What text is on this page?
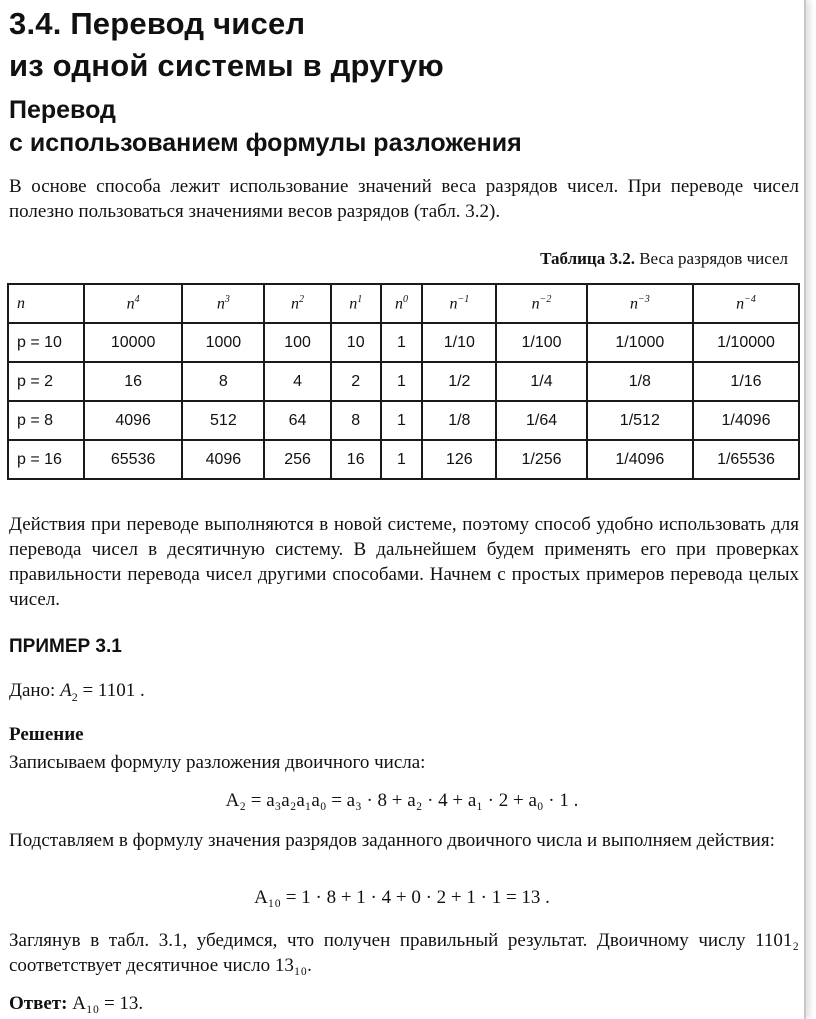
3.4. Перевод чисел
из одной системы в другую
Перевод
с использованием формулы разложения

В основе способа лежит использование значений веса разрядов чисел. При переводе чисел полезно пользоваться значениями весов разрядов (табл. 3.2).

Таблица 3.2. Веса разрядов чисел
n	$n^4$	$n^3$	$n^2$	$n^1$	$n^0$	$n^{-1}$	$n^{-2}$	$n^{-3}$	$n^{-4}$
p = 10	10000	1000	100	10	1	1/10	1/100	1/1000	1/10000
p = 2	16	8	4	2	1	1/2	1/4	1/8	1/16
p = 8	4096	512	64	8	1	1/8	1/64	1/512	1/4096
p = 16	65536	4096	256	16	1	126	1/256	1/4096	1/65536

Действия при переводе выполняются в новой системе, поэтому способ удобно использовать для перевода чисел в десятичную систему. В дальнейшем будем применять его при проверках правильности перевода чисел другими способами. Начнем с простых примеров перевода целых чисел.

ПРИМЕР 3.1

Дано: $A_2 = 1101$ .

Решение

Записываем формулу разложения двоичного числа:

A₂ = a₃a₂a₁a₀ = a₃ · 8 + a₂ · 4 + a₁ · 2 + a₀ · 1 .

Подставляем в формулу значения разрядов заданного двоичного числа и выполняем действия:

A₁₀ = 1 · 8 + 1 · 4 + 0 · 2 + 1 · 1 = 13 .

Заглянув в табл. 3.1, убедимся, что получен правильный результат. Двоичному числу 1101₂ соответствует десятичное число 13₁₀.

Ответ: A₁₀ = 13.
